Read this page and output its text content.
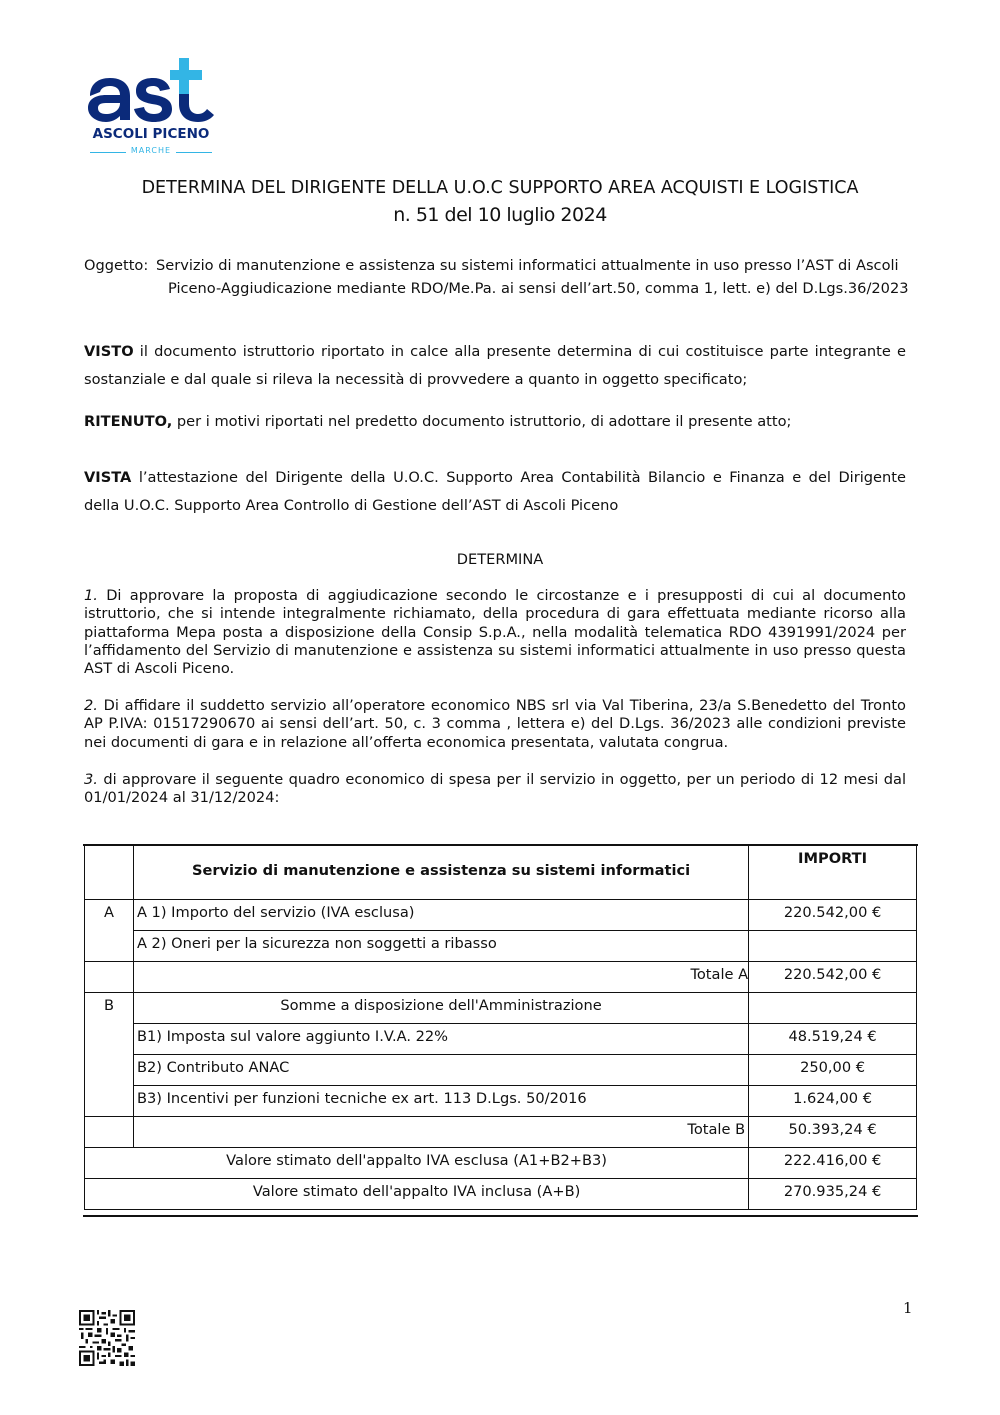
ASCOLI PICENO
MARCHE
DETERMINA DEL DIRIGENTE DELLA U.O.C SUPPORTO AREA ACQUISTI E LOGISTICA
n. 51 del 10 luglio 2024
Oggetto: Servizio di manutenzione e assistenza su sistemi informatici attualmente in uso presso l’AST di Ascoli
Piceno-Aggiudicazione mediante RDO/Me.Pa. ai sensi dell’art.50, comma 1, lett. e) del D.Lgs.36/2023
VISTO il documento istruttorio riportato in calce alla presente determina di cui costituisce parte integrante e sostanziale e dal quale si rileva la necessità di provvedere a quanto in oggetto specificato;
RITENUTO, per i motivi riportati nel predetto documento istruttorio, di adottare il presente atto;
VISTA l’attestazione del Dirigente della U.O.C. Supporto Area Contabilità Bilancio e Finanza e del Dirigente della U.O.C. Supporto Area Controllo di Gestione dell’AST di Ascoli Piceno
DETERMINA
1. Di approvare la proposta di aggiudicazione secondo le circostanze e i presupposti di cui al documento istruttorio, che si intende integralmente richiamato, della procedura di gara effettuata mediante ricorso alla piattaforma Mepa posta a disposizione della Consip S.p.A., nella modalità telematica RDO 4391991/2024 per l’affidamento del Servizio di manutenzione e assistenza su sistemi informatici attualmente in uso presso questa AST di Ascoli Piceno.
2. Di affidare il suddetto servizio all’operatore economico NBS srl via Val Tiberina, 23/a S.Benedetto del Tronto AP P.IVA: 01517290670 ai sensi dell’art. 50, c. 3 comma , lettera e) del D.Lgs. 36/2023 alle condizioni previste nei documenti di gara e in relazione all’offerta economica presentata, valutata congrua.
3. di approvare il seguente quadro economico di spesa per il servizio in oggetto, per un periodo di 12 mesi dal 01/01/2024 al 31/12/2024:
	Servizio di manutenzione e assistenza su sistemi informatici	IMPORTI
A	A 1) Importo del servizio (IVA esclusa)	220.542,00 €
	A 2) Oneri per la sicurezza non soggetti a ribasso	
	Totale A	220.542,00 €
B	Somme a disposizione dell'Amministrazione	
	B1) Imposta sul valore aggiunto I.V.A. 22%	48.519,24 €
	B2) Contributo ANAC	250,00 €
	B3) Incentivi per funzioni tecniche ex art. 113 D.Lgs. 50/2016	1.624,00 €
	Totale B	50.393,24 €
Valore stimato dell'appalto IVA esclusa (A1+B2+B3)		222.416,00 €
Valore stimato dell'appalto IVA inclusa (A+B)		270.935,24 €
1
